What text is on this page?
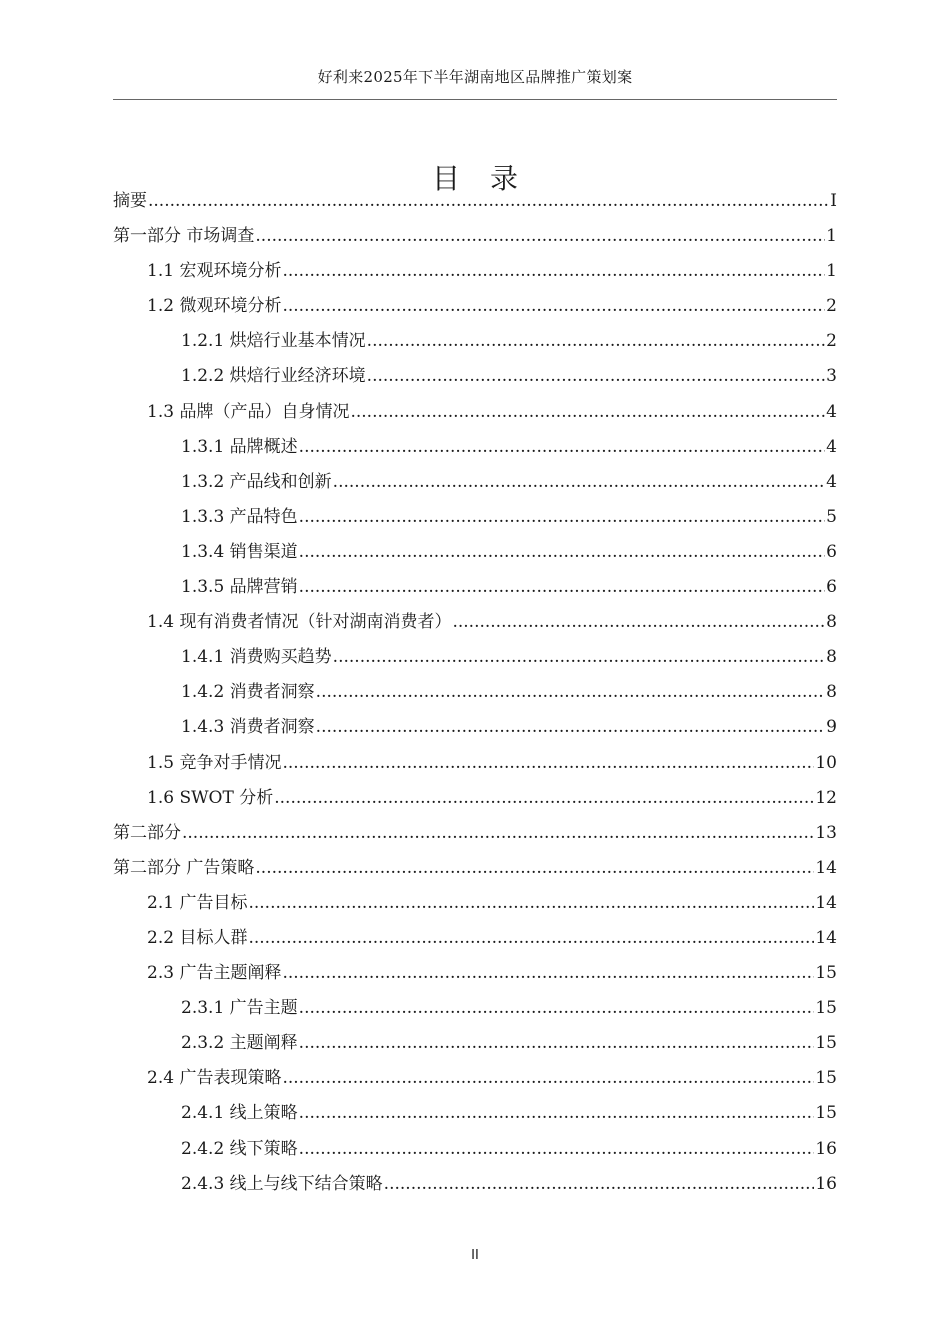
好利来2025年下半年湖南地区品牌推广策划案
目录
摘要 .....	I
第一部分 市场调查 .....	1
1.1 宏观环境分析 .....	1
1.2 微观环境分析 .....	2
1.2.1 烘焙行业基本情况 .....	2
1.2.2 烘焙行业经济环境 .....	3
1.3 品牌（产品）自身情况 .....	4
1.3.1 品牌概述 .....	4
1.3.2 产品线和创新 .....	4
1.3.3 产品特色 .....	5
1.3.4 销售渠道 .....	6
1.3.5 品牌营销 .....	6
1.4 现有消费者情况（针对湖南消费者） .....	8
1.4.1 消费购买趋势 .....	8
1.4.2 消费者洞察 .....	8
1.4.3 消费者洞察 .....	9
1.5 竞争对手情况 .....	10
1.6 SWOT 分析 .....	12
第二部分 .....	13
第二部分 广告策略 .....	14
2.1 广告目标 .....	14
2.2 目标人群 .....	14
2.3 广告主题阐释 .....	15
2.3.1 广告主题 .....	15
2.3.2 主题阐释 .....	15
2.4 广告表现策略 .....	15
2.4.1 线上策略 .....	15
2.4.2 线下策略 .....	16
2.4.3 线上与线下结合策略 .....	16
II
